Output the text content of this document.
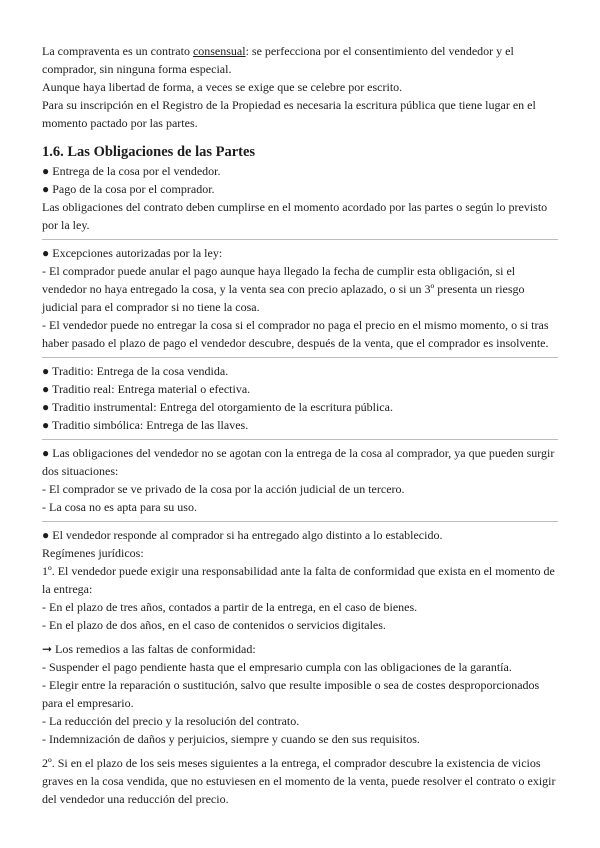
La compraventa es un contrato consensual: se perfecciona por el consentimiento del vendedor y el comprador, sin ninguna forma especial.

Aunque haya libertad de forma, a veces se exige que se celebre por escrito.

Para su inscripción en el Registro de la Propiedad es necesaria la escritura pública que tiene lugar en el momento pactado por las partes.

1.6. Las Obligaciones de las Partes

● Entrega de la cosa por el vendedor.

● Pago de la cosa por el comprador.

Las obligaciones del contrato deben cumplirse en el momento acordado por las partes o según lo previsto por la ley.

● Excepciones autorizadas por la ley:

- El comprador puede anular el pago aunque haya llegado la fecha de cumplir esta obligación, si el vendedor no haya entregado la cosa, y la venta sea con precio aplazado, o si un 3º presenta un riesgo judicial para el comprador si no tiene la cosa.

- El vendedor puede no entregar la cosa si el comprador no paga el precio en el mismo momento, o si tras haber pasado el plazo de pago el vendedor descubre, después de la venta, que el comprador es insolvente.

● Traditio: Entrega de la cosa vendida.

● Traditio real: Entrega material o efectiva.

● Traditio instrumental: Entrega del otorgamiento de la escritura pública.

● Traditio simbólica: Entrega de las llaves.

● Las obligaciones del vendedor no se agotan con la entrega de la cosa al comprador, ya que pueden surgir dos situaciones:

- El comprador se ve privado de la cosa por la acción judicial de un tercero.

- La cosa no es apta para su uso.

● El vendedor responde al comprador si ha entregado algo distinto a lo establecido.

Regímenes jurídicos:

1º. El vendedor puede exigir una responsabilidad ante la falta de conformidad que exista en el momento de la entrega:

- En el plazo de tres años, contados a partir de la entrega, en el caso de bienes.

- En el plazo de dos años, en el caso de contenidos o servicios digitales.

➞ Los remedios a las faltas de conformidad:

- Suspender el pago pendiente hasta que el empresario cumpla con las obligaciones de la garantía.

- Elegir entre la reparación o sustitución, salvo que resulte imposible o sea de costes desproporcionados para el empresario.

- La reducción del precio y la resolución del contrato.

- Indemnización de daños y perjuicios, siempre y cuando se den sus requisitos.

2º. Si en el plazo de los seis meses siguientes a la entrega, el comprador descubre la existencia de vicios graves en la cosa vendida, que no estuviesen en el momento de la venta, puede resolver el contrato o exigir del vendedor una reducción del precio.
